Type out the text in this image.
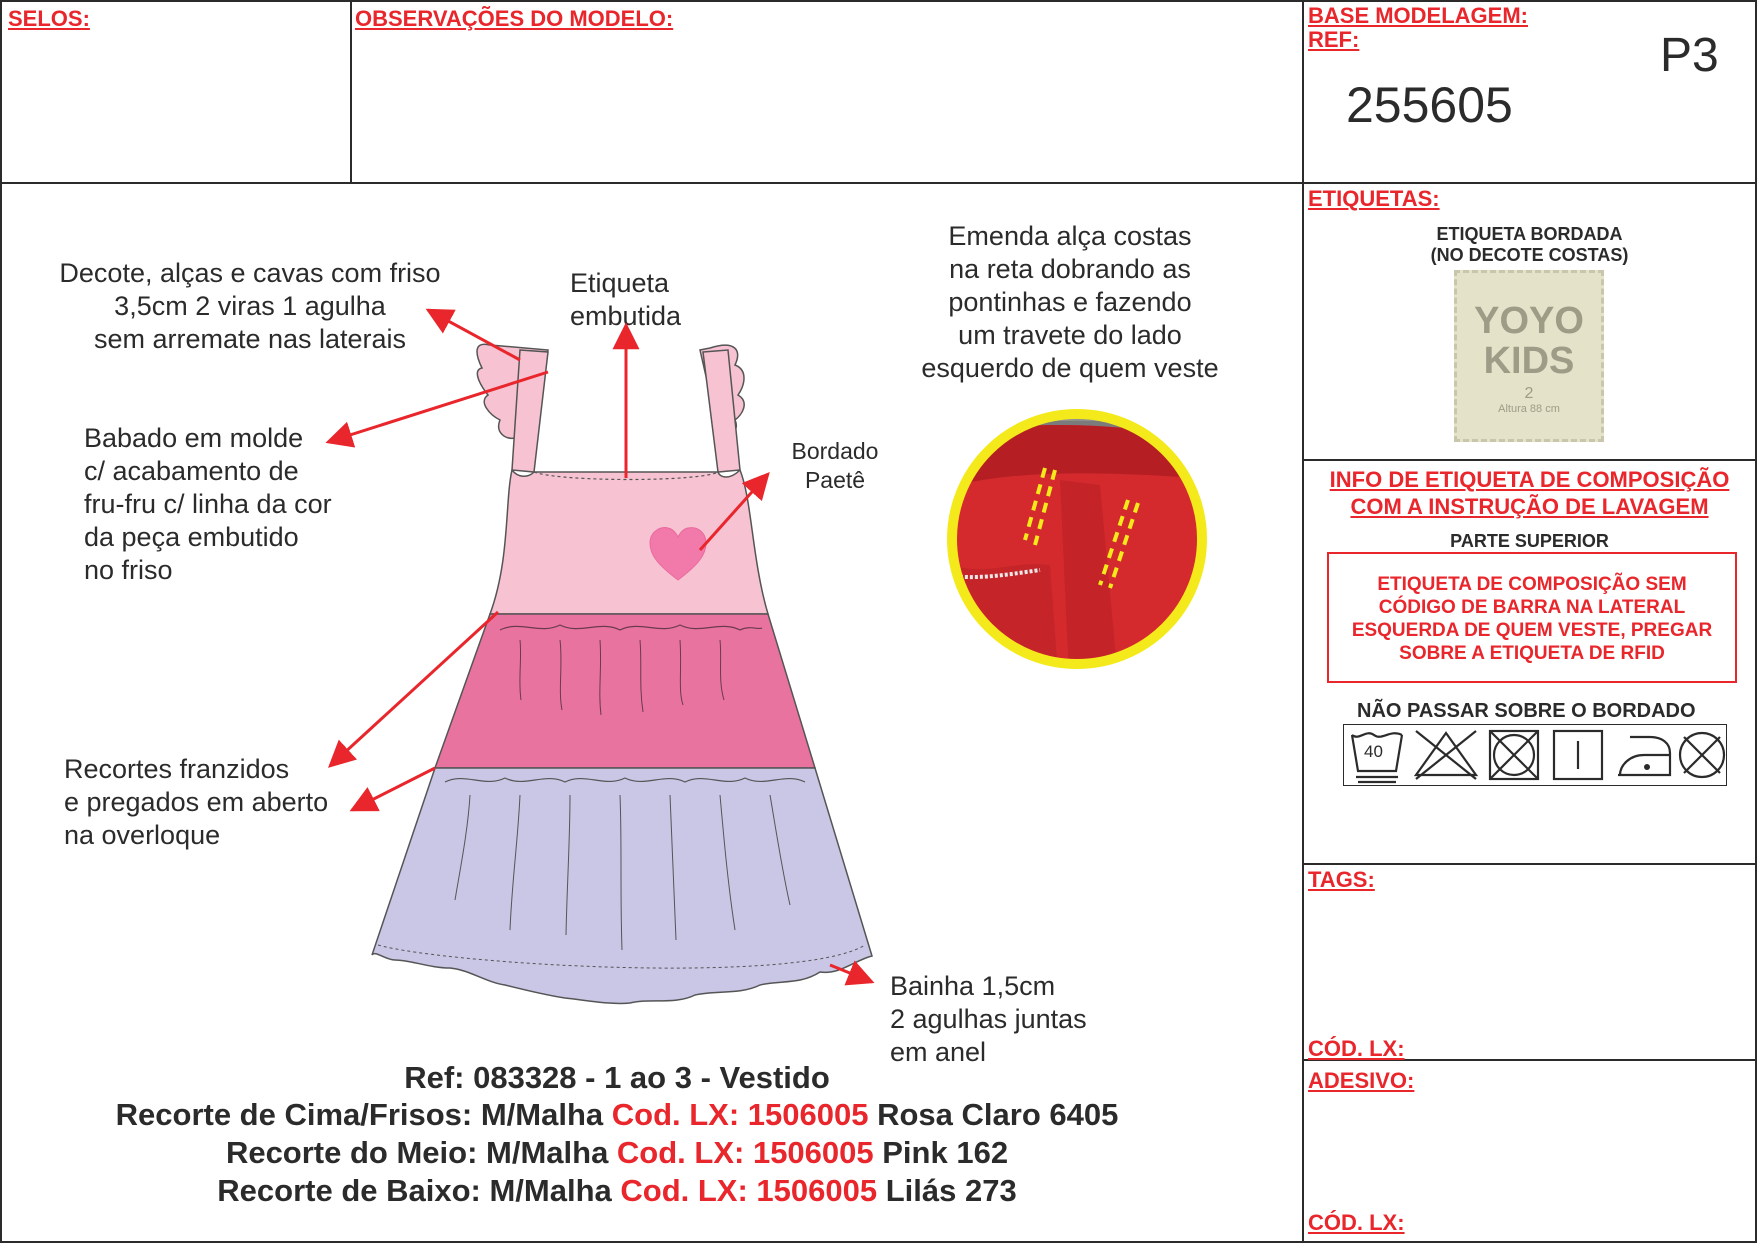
SELOS:	OBSERVAÇÕES DO MODELO:	BASE MODELAGEM:
REF:
255605
P3
Decote, alças e cavas com friso
3,5cm 2 viras 1 agulha
sem arremate nas laterais
Etiqueta
embutida
Emenda alça costas
na reta dobrando as
pontinhas e fazendo
um travete do lado
esquerdo de quem veste
Babado em molde
c/ acabamento de
fru-fru c/ linha da cor
da peça embutido
no friso
Bordado
Paetê
Recortes franzidos
e pregados em aberto
na overloque
Bainha 1,5cm
2 agulhas juntas
em anel
Ref: 083328 - 1 ao 3 - Vestido
Recorte de Cima/Frisos: M/Malha Cod. LX: 1506005 Rosa Claro 6405
Recorte do Meio: M/Malha Cod. LX: 1506005 Pink 162
Recorte de Baixo: M/Malha Cod. LX: 1506005 Lilás 273
ETIQUETAS:
ETIQUETA BORDADA
(NO DECOTE COSTAS)
YOYO
KIDS
2
Altura 88 cm
INFO DE ETIQUETA DE COMPOSIÇÃO
COM A INSTRUÇÃO DE LAVAGEM
PARTE SUPERIOR
ETIQUETA DE COMPOSIÇÃO SEM
CÓDIGO DE BARRA NA LATERAL
ESQUERDA DE QUEM VESTE, PREGAR
SOBRE A ETIQUETA DE RFID
NÃO PASSAR SOBRE O BORDADO
40
TAGS:
CÓD. LX:
ADESIVO:
CÓD. LX:
